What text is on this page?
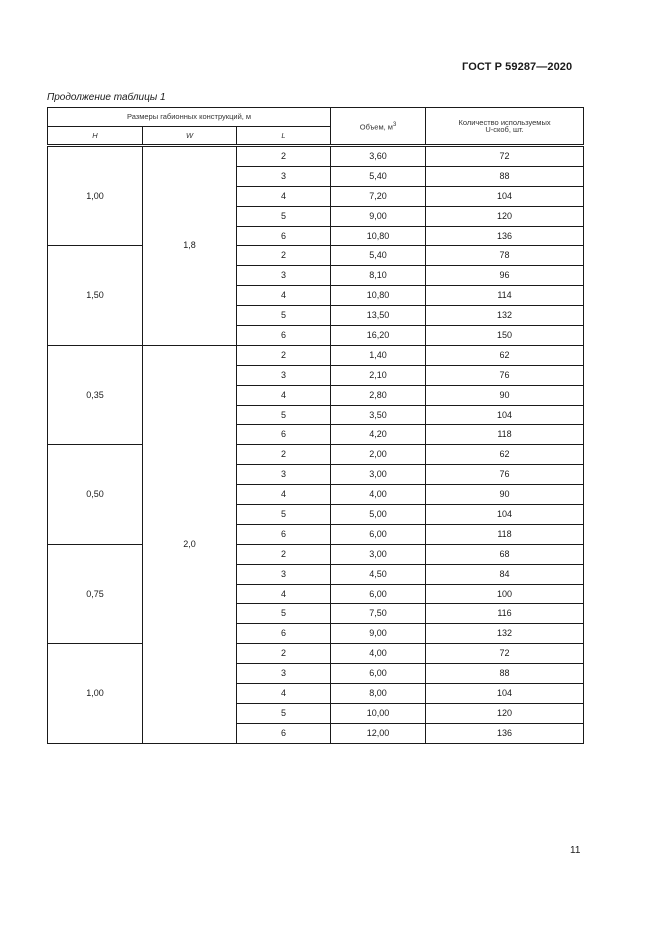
ГОСТ Р 59287—2020
Продолжение таблицы 1
Размеры габионных конструкций, м			Объем, $м^3$	Количество используемых
U-скоб, шт.
H	W	L		

1,00	1,8	2	3,60	72
		3	5,40	88
		4	7,20	104
		5	9,00	120
		6	10,80	136
1,50		2	5,40	78
		3	8,10	96
		4	10,80	114
		5	13,50	132
		6	16,20	150
0,35	2,0	2	1,40	62
		3	2,10	76
		4	2,80	90
		5	3,50	104
		6	4,20	118
0,50		2	2,00	62
		3	3,00	76
		4	4,00	90
		5	5,00	104
		6	6,00	118
0,75		2	3,00	68
		3	4,50	84
		4	6,00	100
		5	7,50	116
		6	9,00	132
1,00		2	4,00	72
		3	6,00	88
		4	8,00	104
		5	10,00	120
		6	12,00	136
11
